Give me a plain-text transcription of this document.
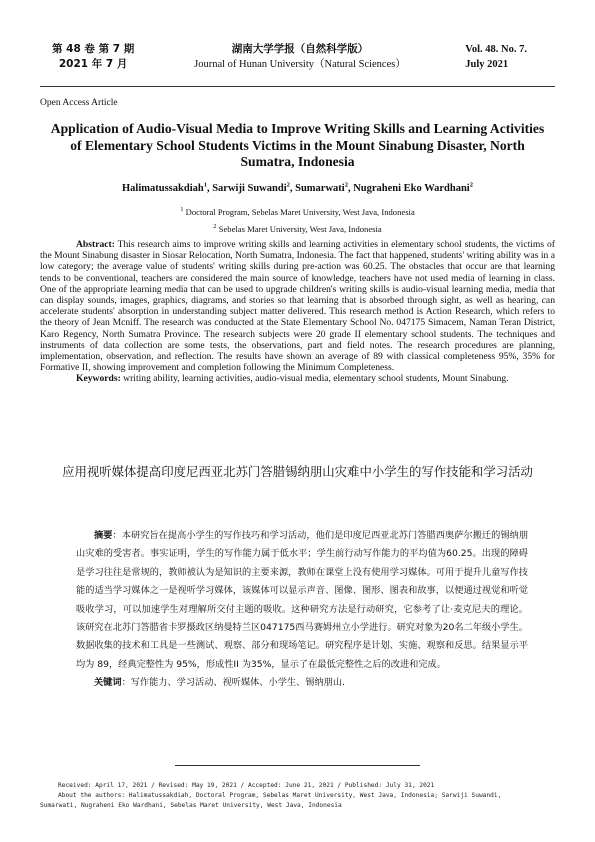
第 48 卷 第 7 期
2021 年 7 月
湖南大学学报（自然科学版）
Journal of Hunan University（Natural Sciences）
Vol. 48. No. 7.
July 2021
Open Access Article
Application of Audio-Visual Media to Improve Writing Skills and Learning Activities of Elementary School Students Victims in the Mount Sinabung Disaster, North Sumatra, Indonesia
Halimatussakdiah$^1$, Sarwiji Suwandi$^2$, Sumarwati$^2$, Nugraheni Eko Wardhani$^2$
$^1$ Doctoral Program, Sebelas Maret University, West Java, Indonesia
$^2$ Sebelas Maret University, West Java, Indonesia

Abstract: This research aims to improve writing skills and learning activities in elementary school students, the victims of the Mount Sinabung disaster in Siosar Relocation, North Sumatra, Indonesia. The fact that happened, students' writing ability was in a low category; the average value of students' writing skills during pre-action was 60.25. The obstacles that occur are that learning tends to be conventional, teachers are considered the main source of knowledge, teachers have not used media of learning in class. One of the appropriate learning media that can be used to upgrade children's writing skills is audio-visual learning media, media that can display sounds, images, graphics, diagrams, and stories so that learning that is absorbed through sight, as well as hearing, can accelerate students' absorption in understanding subject matter delivered. This research method is Action Research, which refers to the theory of Jean Mcniff. The research was conducted at the State Elementary School No. 047175 Simacem, Naman Teran District, Karo Regency, North Sumatra Province. The research subjects were 20 grade II elementary school students. The techniques and instruments of data collection are some tests, the observations, part and field notes. The research procedures are planning, implementation, observation, and reflection. The results have shown an average of 89 with classical completeness 95%, 35% for Formative II, showing improvement and completion following the Minimum Completeness.

Keywords: writing ability, learning activities, audio-visual media, elementary school students, Mount Sinabung.

应用视听媒体提高印度尼西亚北苏门答腊锡纳朋山灾难中小学生的写作技能和学习活动

摘要：本研究旨在提高小学生的写作技巧和学习活动，他们是印度尼西亚北苏门答腊西奥萨尔搬迁的锡纳朋山灾难的受害者。事实证明，学生的写作能力属于低水平；学生前行动写作能力的平均值为60.25。出现的障碍是学习往往是常规的，教师被认为是知识的主要来源，教师在课堂上没有使用学习媒体。可用于提升儿童写作技能的适当学习媒体之一是视听学习媒体，该媒体可以显示声音、图像、图形、图表和故事，以便通过视觉和听觉吸收学习，可以加速学生对理解所交付主题的吸收。这种研究方法是行动研究，它参考了让·麦克尼夫的理论。该研究在北苏门答腊省卡罗摄政区纳曼特兰区047175西马赛姆州立小学进行。研究对象为20名二年级小学生。数据收集的技术和工具是一些测试、观察、部分和现场笔记。研究程序是计划、实施、观察和反思。结果显示平均为 89，经典完整性为 95%，形成性II 为35%，显示了在最低完整性之后的改进和完成。

关键词：写作能力、学习活动、视听媒体、小学生、锡纳朋山.

Received: April 17, 2021 / Revised: May 19, 2021 / Accepted: June 21, 2021 / Published: July 31, 2021

About the authors: Halimatussakdiah, Doctoral Program, Sebelas Maret University, West Java, Indonesia; Sarwiji Suwandi,

Sumarwati, Nugraheni Eko Wardhani, Sebelas Maret University, West Java, Indonesia
